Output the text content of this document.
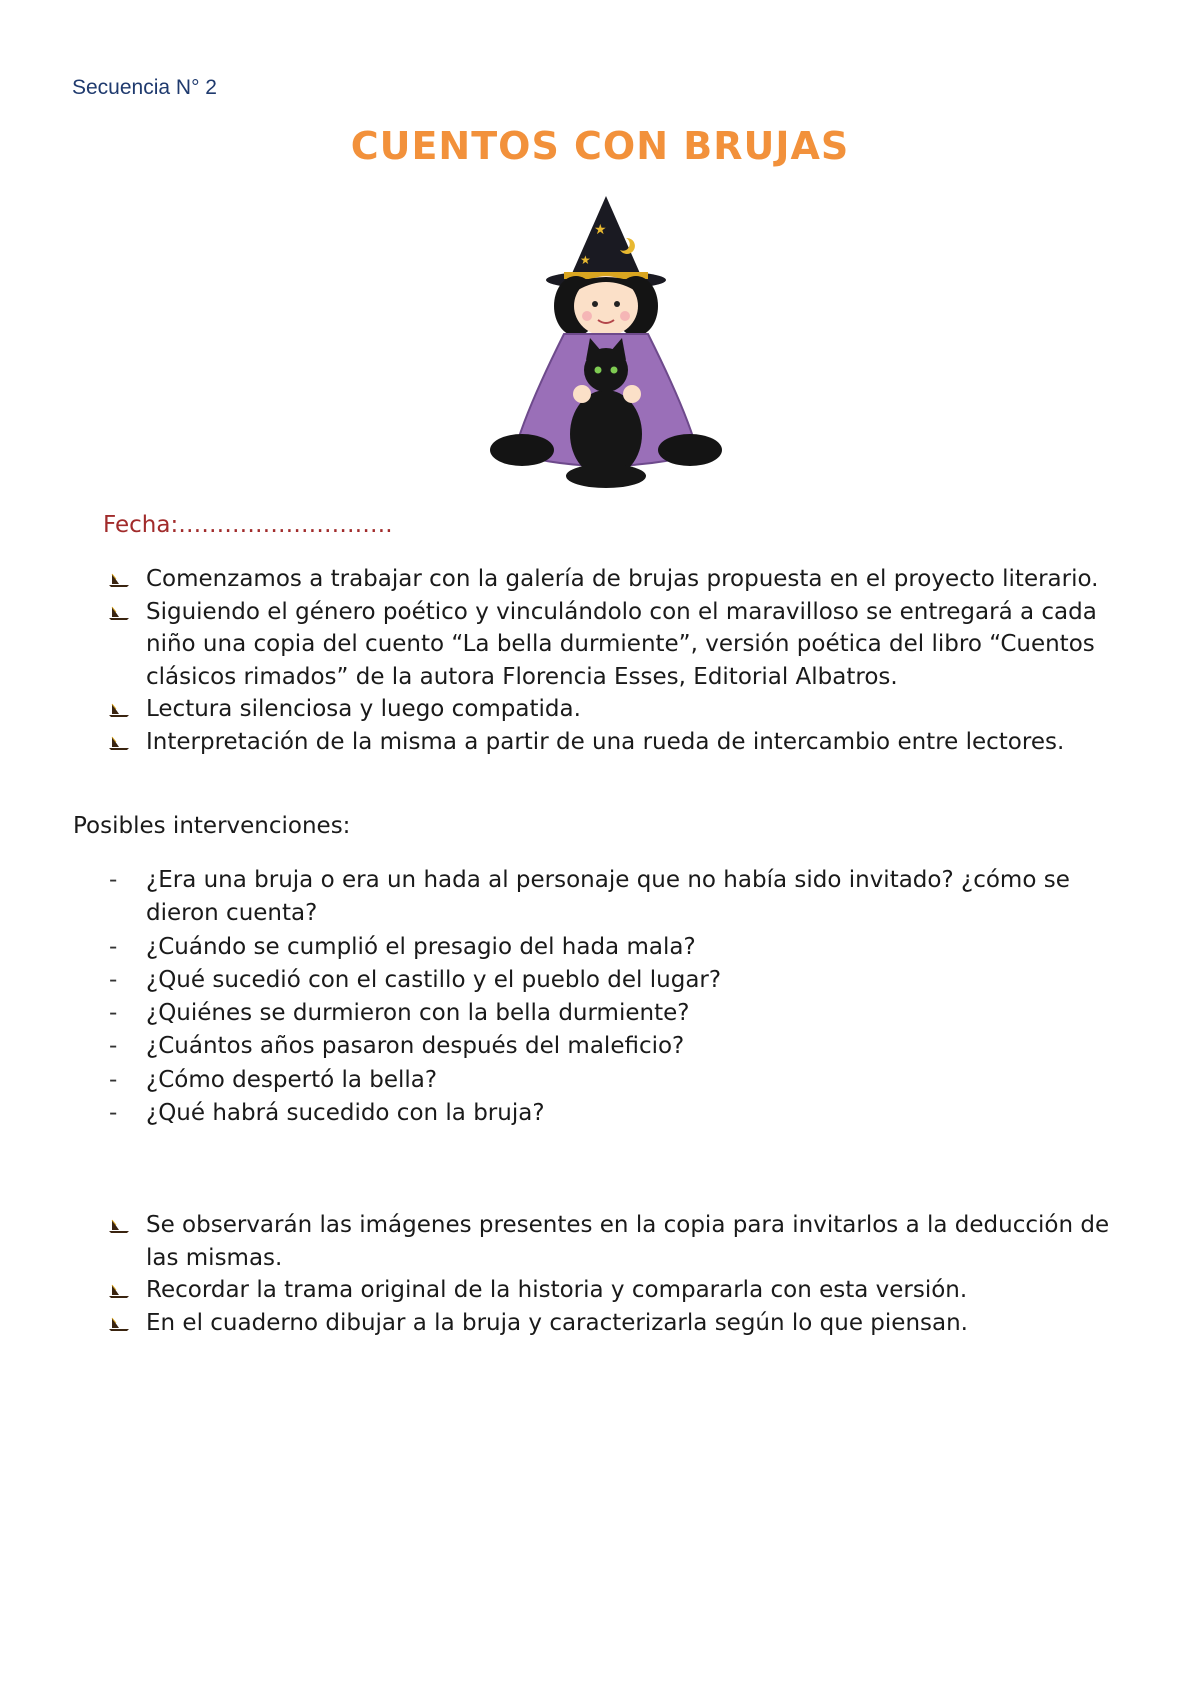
Secuencia N° 2
CUENTOS CON BRUJAS
★
★
Fecha:……………………….
Comenzamos a trabajar con la galería de brujas propuesta en el proyecto literario.
Siguiendo el género poético y vinculándolo con el maravilloso se entregará a cada niño una copia del cuento “La bella durmiente”, versión poética del libro “Cuentos clásicos rimados” de la autora Florencia Esses, Editorial Albatros.
Lectura silenciosa y luego compatida.
Interpretación de la misma a partir de una rueda de intercambio entre lectores.
Posibles intervenciones:
- ¿Era una bruja o era un hada al personaje que no había sido invitado? ¿cómo se dieron cuenta?
- ¿Cuándo se cumplió el presagio del hada mala?
- ¿Qué sucedió con el castillo y el pueblo del lugar?
- ¿Quiénes se durmieron con la bella durmiente?
- ¿Cuántos años pasaron después del maleficio?
- ¿Cómo despertó la bella?
- ¿Qué habrá sucedido con la bruja?
Se observarán las imágenes presentes en la copia para invitarlos a la deducción de las mismas.
Recordar la trama original de la historia y compararla con esta versión.
En el cuaderno dibujar a la bruja y caracterizarla según lo que piensan.
